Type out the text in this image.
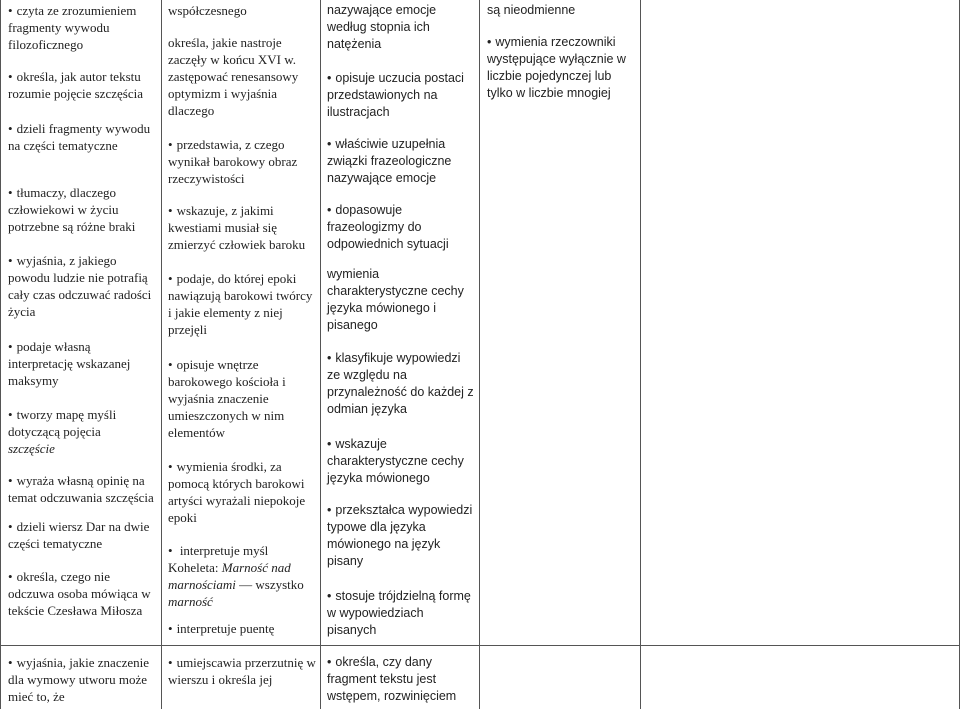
• czyta ze zrozumieniem fragmenty wywodu filozoficznego
• określa, jak autor tekstu rozumie pojęcie szczęścia
• dzieli fragmenty wywodu na części tematyczne
• tłumaczy, dlaczego człowiekowi w życiu potrzebne są różne braki
• wyjaśnia, z jakiego powodu ludzie nie potrafią cały czas odczuwać radości życia
• podaje własną interpretację wskazanej maksymy
• tworzy mapę myśli dotyczącą pojęcia
szczęście
• wyraża własną opinię na temat odczuwania szczęścia
• dzieli wiersz Dar na dwie części tematyczne
• określa, czego nie odczuwa osoba mówiąca w tekście Czesława Miłosza
• wyjaśnia, jakie znaczenie dla wymowy utworu może mieć to, że
współczesnego
określa, jakie nastroje zaczęły w końcu XVI w. zastępować renesansowy optymizm i wyjaśnia dlaczego
• przedstawia, z czego wynikał barokowy obraz rzeczywistości
• wskazuje, z jakimi kwestiami musiał się zmierzyć człowiek baroku
• podaje, do której epoki nawiązują barokowi twórcy i jakie elementy z niej przejęli
• opisuje wnętrze barokowego kościoła i wyjaśnia znaczenie umieszczonych w nim elementów
• wymienia środki, za pomocą których barokowi artyści wyrażali niepokoje epoki
• interpretuje myśl Koheleta: Marność nad marnościami — wszystko marność
• interpretuje puentę
• umiejscawia przerzutnię w wierszu i określa jej
nazywające emocje według stopnia ich natężenia
• opisuje uczucia postaci przedstawionych na ilustracjach
• właściwie uzupełnia związki frazeologiczne nazywające emocje
• dopasowuje frazeologizmy do odpowiednich sytuacji
wymienia charakterystyczne cechy języka mówionego i pisanego
• klasyfikuje wypowiedzi ze względu na przynależność do każdej z odmian języka
• wskazuje charakterystyczne cechy języka mówionego
• przekształca wypowiedzi typowe dla języka mówionego na język pisany
• stosuje trójdzielną formę w wypowiedziach pisanych
• określa, czy dany fragment tekstu jest wstępem, rozwinięciem
są nieodmienne
• wymienia rzeczowniki występujące wyłącznie w liczbie pojedynczej lub tylko w liczbie mnogiej
